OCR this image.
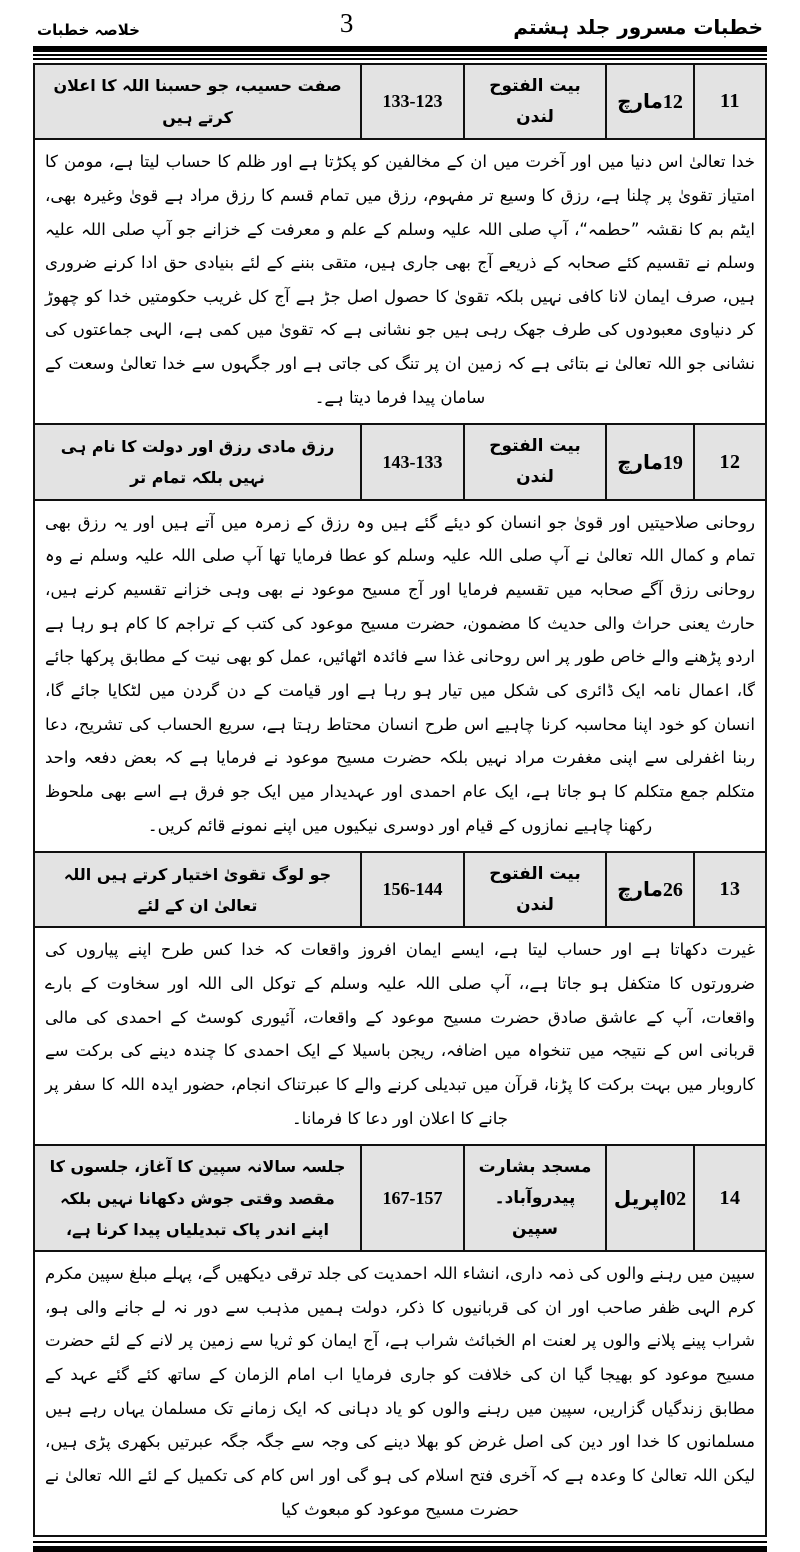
خطبات مسرور جلد ہشتم
3
خلاصہ خطبات
11
12مارچ
بیت الفتوح لندن
133-123
صفت حسیب، جو حسبنا اللہ کا اعلان کرتے ہیں
خدا تعالیٰ اس دنیا میں اور آخرت میں ان کے مخالفین کو پکڑتا ہے اور ظلم کا حساب لیتا ہے، مومن کا امتیاز تقویٰ پر چلنا ہے، رزق کا وسیع تر مفہوم، رزق میں تمام قسم کا رزق مراد ہے قویٰ وغیرہ بھی، ایٹم بم کا نقشہ ”حطمہ“، آپ صلی اللہ علیہ وسلم کے علم و معرفت کے خزانے جو آپ صلی اللہ علیہ وسلم نے تقسیم کئے صحابہ کے ذریعے آج بھی جاری ہیں، متقی بننے کے لئے بنیادی حق ادا کرنے ضروری ہیں، صرف ایمان لانا کافی نہیں بلکہ تقویٰ کا حصول اصل جڑ ہے آج کل غریب حکومتیں خدا کو چھوڑ کر دنیاوی معبودوں کی طرف جھک رہی ہیں جو نشانی ہے کہ تقویٰ میں کمی ہے، الہی جماعتوں کی نشانی جو اللہ تعالیٰ نے بتائی ہے کہ زمین ان پر تنگ کی جاتی ہے اور جگہوں سے خدا تعالیٰ وسعت کے سامان پیدا فرما دیتا ہے۔
12
19مارچ
بیت الفتوح لندن
143-133
رزق مادی رزق اور دولت کا نام ہی نہیں بلکہ تمام تر
روحانی صلاحیتیں اور قویٰ جو انسان کو دیئے گئے ہیں وہ رزق کے زمرہ میں آتے ہیں اور یہ رزق بھی تمام و کمال اللہ تعالیٰ نے آپ صلی اللہ علیہ وسلم کو عطا فرمایا تھا آپ صلی اللہ علیہ وسلم نے وہ روحانی رزق آگے صحابہ میں تقسیم فرمایا اور آج مسیح موعود نے بھی وہی خزانے تقسیم کرنے ہیں، حارث یعنی حراث والی حدیث کا مضمون، حضرت مسیح موعود کی کتب کے تراجم کا کام ہو رہا ہے اردو پڑھنے والے خاص طور پر اس روحانی غذا سے فائدہ اٹھائیں، عمل کو بھی نیت کے مطابق پرکھا جائے گا، اعمال نامہ ایک ڈائری کی شکل میں تیار ہو رہا ہے اور قیامت کے دن گردن میں لٹکایا جائے گا، انسان کو خود اپنا محاسبہ کرنا چاہیے اس طرح انسان محتاط رہتا ہے، سریع الحساب کی تشریح، دعا ربنا اغفرلی سے اپنی مغفرت مراد نہیں بلکہ حضرت مسیح موعود نے فرمایا ہے کہ بعض دفعہ واحد متکلم جمع متکلم کا ہو جاتا ہے، ایک عام احمدی اور عہدیدار میں ایک جو فرق ہے اسے بھی ملحوظ رکھنا چاہیے نمازوں کے قیام اور دوسری نیکیوں میں اپنے نمونے قائم کریں۔
13
26مارچ
بیت الفتوح لندن
156-144
جو لوگ تقویٰ اختیار کرتے ہیں اللہ تعالیٰ ان کے لئے
غیرت دکھاتا ہے اور حساب لیتا ہے، ایسے ایمان افروز واقعات کہ خدا کس طرح اپنے پیاروں کی ضرورتوں کا متکفل ہو جاتا ہے،، آپ صلی اللہ علیہ وسلم کے توکل الی اللہ اور سخاوت کے بارے واقعات، آپ کے عاشق صادق حضرت مسیح موعود کے واقعات، آئیوری کوسٹ کے احمدی کی مالی قربانی اس کے نتیجہ میں تنخواہ میں اضافہ، ریجن باسیلا کے ایک احمدی کا چندہ دینے کی برکت سے کاروبار میں بہت برکت کا پڑنا، قرآن میں تبدیلی کرنے والے کا عبرتناک انجام، حضور ایدہ اللہ کا سفر پر جانے کا اعلان اور دعا کا فرمانا۔
14
02اپریل
مسجد بشارت پیدروآباد۔ سپین
167-157
جلسہ سالانہ سپین کا آغاز، جلسوں کا مقصد وقتی جوش دکھانا نہیں بلکہ اپنے اندر پاک تبدیلیاں پیدا کرنا ہے،
سپین میں رہنے والوں کی ذمہ داری، انشاء اللہ احمدیت کی جلد ترقی دیکھیں گے، پہلے مبلغ سپین مکرم کرم الہی ظفر صاحب اور ان کی قربانیوں کا ذکر، دولت ہمیں مذہب سے دور نہ لے جانے والی ہو، شراب پینے پلانے والوں پر لعنت ام الخبائث شراب ہے، آج ایمان کو ثریا سے زمین پر لانے کے لئے حضرت مسیح موعود کو بھیجا گیا ان کی خلافت کو جاری فرمایا اب امام الزمان کے ساتھ کئے گئے عہد کے مطابق زندگیاں گزاریں، سپین میں رہنے والوں کو یاد دہانی کہ ایک زمانے تک مسلمان یہاں رہے ہیں مسلمانوں کا خدا اور دین کی اصل غرض کو بھلا دینے کی وجہ سے جگہ جگہ عبرتیں بکھری پڑی ہیں، لیکن اللہ تعالیٰ کا وعدہ ہے کہ آخری فتح اسلام کی ہو گی اور اس کام کی تکمیل کے لئے اللہ تعالیٰ نے حضرت مسیح موعود کو مبعوث کیا
